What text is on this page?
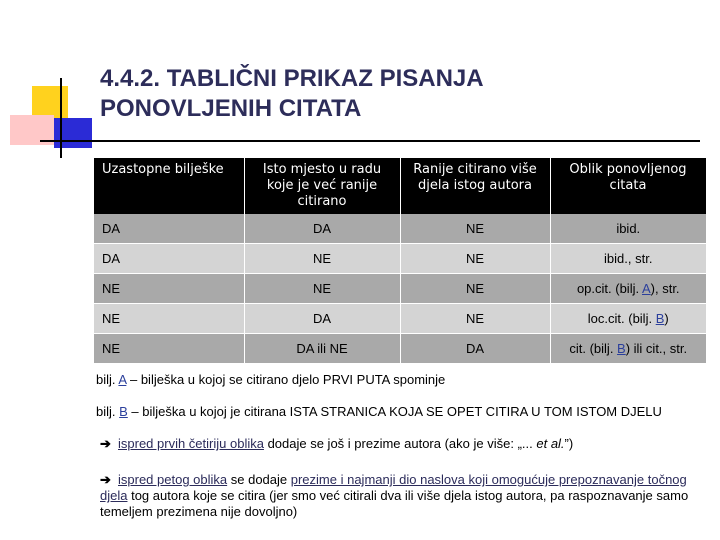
4.4.2. TABLIČNI PRIKAZ PISANJA
PONOVLJENIH CITATA
Uzastopne bilješke	Isto mjesto u radu koje je već ranije citirano	Ranije citirano više djela istog autora	Oblik ponovljenog citata
DA	DA	NE	ibid.
DA	NE	NE	ibid., str.
NE	NE	NE	op.cit. (bilj. A), str.
NE	DA	NE	loc.cit. (bilj. B)
NE	DA ili NE	DA	cit. (bilj. B) ili cit., str.

bilj. A – bilješka u kojoj se citirano djelo PRVI PUTA spominje

bilj. B – bilješka u kojoj je citirana ISTA STRANICA KOJA SE OPET CITIRA U TOM ISTOM DJELU

➔ ispred prvih četiriju oblika dodaje se još i prezime autora (ako je više: „... et al.”)

➔ ispred petog oblika se dodaje prezime i najmanji dio naslova koji omogućuje prepoznavanje točnog djela tog autora koje se citira (jer smo već citirali dva ili više djela istog autora, pa raspoznavanje samo temeljem prezimena nije dovoljno)
